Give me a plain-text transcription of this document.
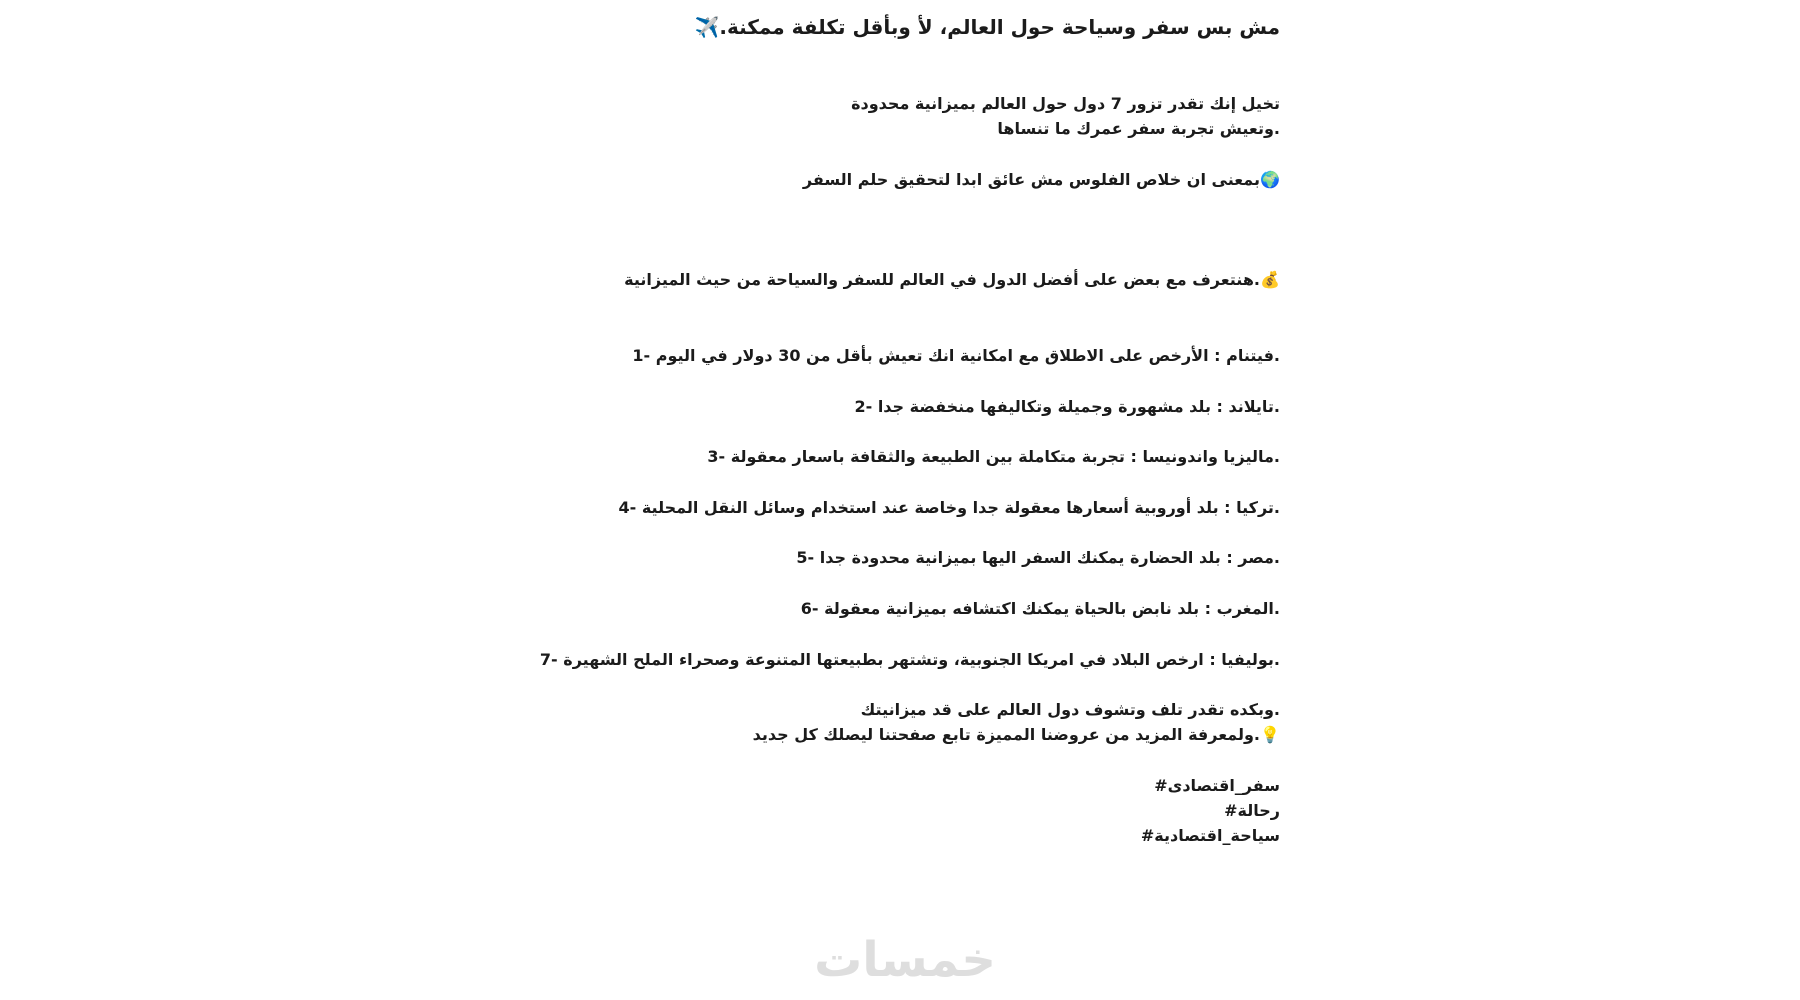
مش بس سفر وسياحة حول العالم، لأ وبأقل تكلفة ممكنة.✈️
تخيل إنك تقدر تزور 7 دول حول العالم بميزانية محدودة
.وتعيش تجربة سفر عمرك ما تنساها
🌍بمعنى ان خلاص الفلوس مش عائق ابدا لتحقيق حلم السفر
💰.هنتعرف مع بعض على أفضل الدول في العالم للسفر والسياحة من حيث الميزانية
.فيتنام : الأرخص على الاطلاق مع امكانية انك تعيش بأقل من 30 دولار في اليوم -1
.تايلاند : بلد مشهورة وجميلة وتكاليفها منخفضة جدا -2
.ماليزيا واندونيسا : تجربة متكاملة بين الطبيعة والثقافة باسعار معقولة -3
.تركيا : بلد أوروبية أسعارها معقولة جدا وخاصة عند استخدام وسائل النقل المحلية -4
.مصر : بلد الحضارة يمكنك السفر اليها بميزانية محدودة جدا -5
.المغرب : بلد نابض بالحياة يمكنك اكتشافه بميزانية معقولة -6
.بوليفيا : ارخص البلاد في امريكا الجنوبية، وتشتهر بطبيعتها المتنوعة وصحراء الملح الشهيرة -7
.وبكده تقدر تلف وتشوف دول العالم على قد ميزانيتك
💡.ولمعرفة المزيد من عروضنا المميزة تابع صفحتنا ليصلك كل جديد
سفر_اقتصادى#
رحالة#
سياحة_اقتصادية#
خمسات
